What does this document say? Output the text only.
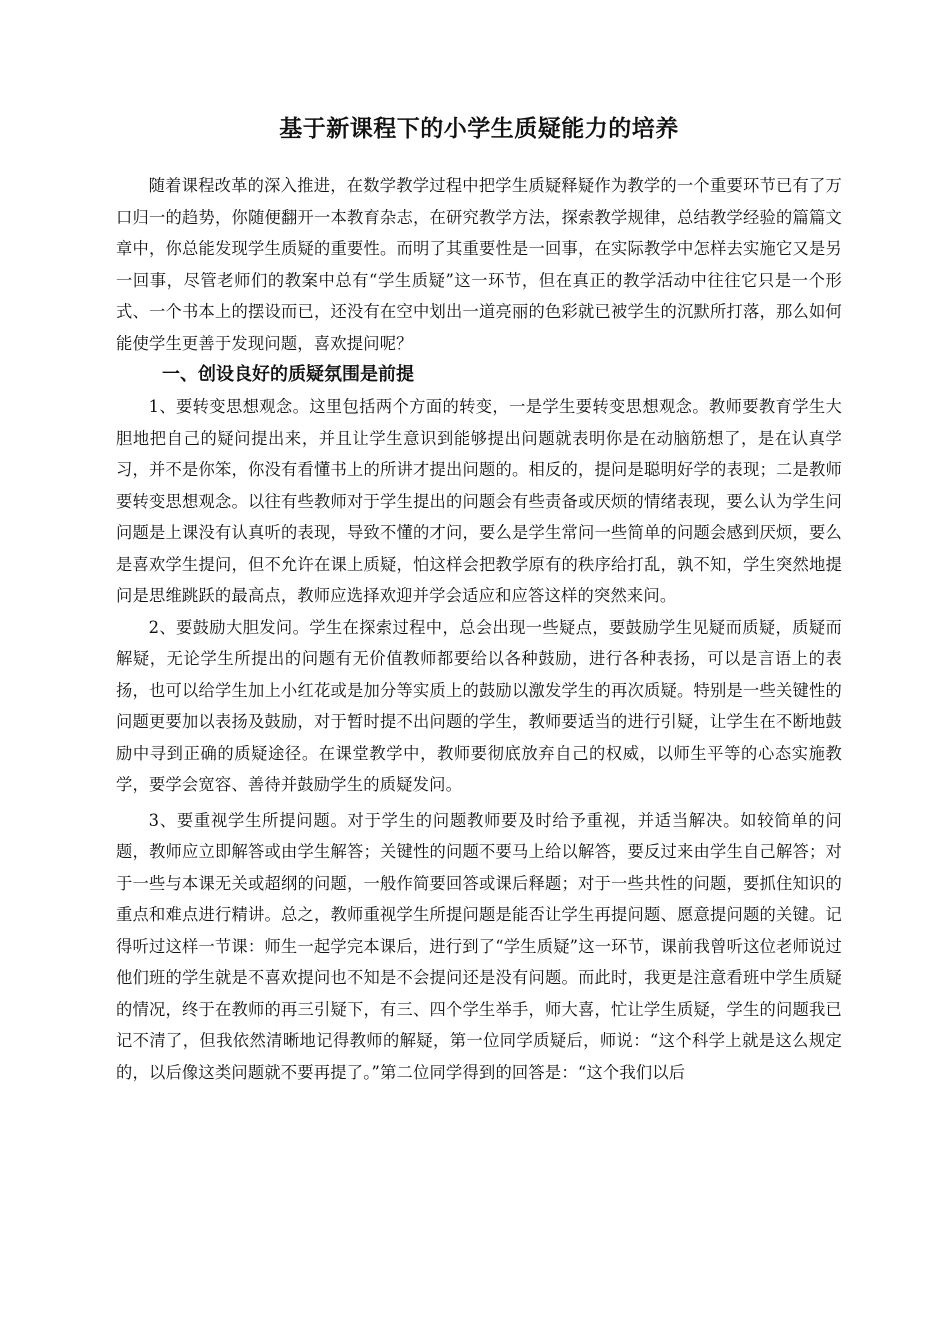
基于新课程下的小学生质疑能力的培养

随着课程改革的深入推进，在数学教学过程中把学生质疑释疑作为教学的一个重要环节已有了万口归一的趋势，你随便翻开一本教育杂志，在研究教学方法，探索教学规律，总结教学经验的篇篇文章中，你总能发现学生质疑的重要性。而明了其重要性是一回事，在实际教学中怎样去实施它又是另一回事，尽管老师们的教案中总有“学生质疑”这一环节，但在真正的教学活动中往往它只是一个形式、一个书本上的摆设而已，还没有在空中划出一道亮丽的色彩就已被学生的沉默所打落，那么如何能使学生更善于发现问题，喜欢提问呢？

一、创设良好的质疑氛围是前提

1、要转变思想观念。这里包括两个方面的转变，一是学生要转变思想观念。教师要教育学生大胆地把自己的疑问提出来，并且让学生意识到能够提出问题就表明你是在动脑筋想了，是在认真学习，并不是你笨，你没有看懂书上的所讲才提出问题的。相反的，提问是聪明好学的表现；二是教师要转变思想观念。以往有些教师对于学生提出的问题会有些责备或厌烦的情绪表现，要么认为学生问问题是上课没有认真听的表现，导致不懂的才问，要么是学生常问一些简单的问题会感到厌烦，要么是喜欢学生提问，但不允许在课上质疑，怕这样会把教学原有的秩序给打乱，孰不知，学生突然地提问是思维跳跃的最高点，教师应选择欢迎并学会适应和应答这样的突然来问。

2、要鼓励大胆发问。学生在探索过程中，总会出现一些疑点，要鼓励学生见疑而质疑，质疑而解疑，无论学生所提出的问题有无价值教师都要给以各种鼓励，进行各种表扬，可以是言语上的表扬，也可以给学生加上小红花或是加分等实质上的鼓励以激发学生的再次质疑。特别是一些关键性的问题更要加以表扬及鼓励，对于暂时提不出问题的学生，教师要适当的进行引疑，让学生在不断地鼓励中寻到正确的质疑途径。在课堂教学中，教师要彻底放弃自己的权威，以师生平等的心态实施教学，要学会宽容、善待并鼓励学生的质疑发问。

3、要重视学生所提问题。对于学生的问题教师要及时给予重视，并适当解决。如较简单的问题，教师应立即解答或由学生解答；关键性的问题不要马上给以解答，要反过来由学生自己解答；对于一些与本课无关或超纲的问题，一般作简要回答或课后释题；对于一些共性的问题，要抓住知识的重点和难点进行精讲。总之，教师重视学生所提问题是能否让学生再提问题、愿意提问题的关键。记得听过这样一节课：师生一起学完本课后，进行到了“学生质疑”这一环节，课前我曾听这位老师说过他们班的学生就是不喜欢提问也不知是不会提问还是没有问题。而此时，我更是注意看班中学生质疑的情况，终于在教师的再三引疑下，有三、四个学生举手，师大喜，忙让学生质疑，学生的问题我已记不清了，但我依然清晰地记得教师的解疑，第一位同学质疑后，师说：“这个科学上就是这么规定的，以后像这类问题就不要再提了。”第二位同学得到的回答是：“这个我们以后
